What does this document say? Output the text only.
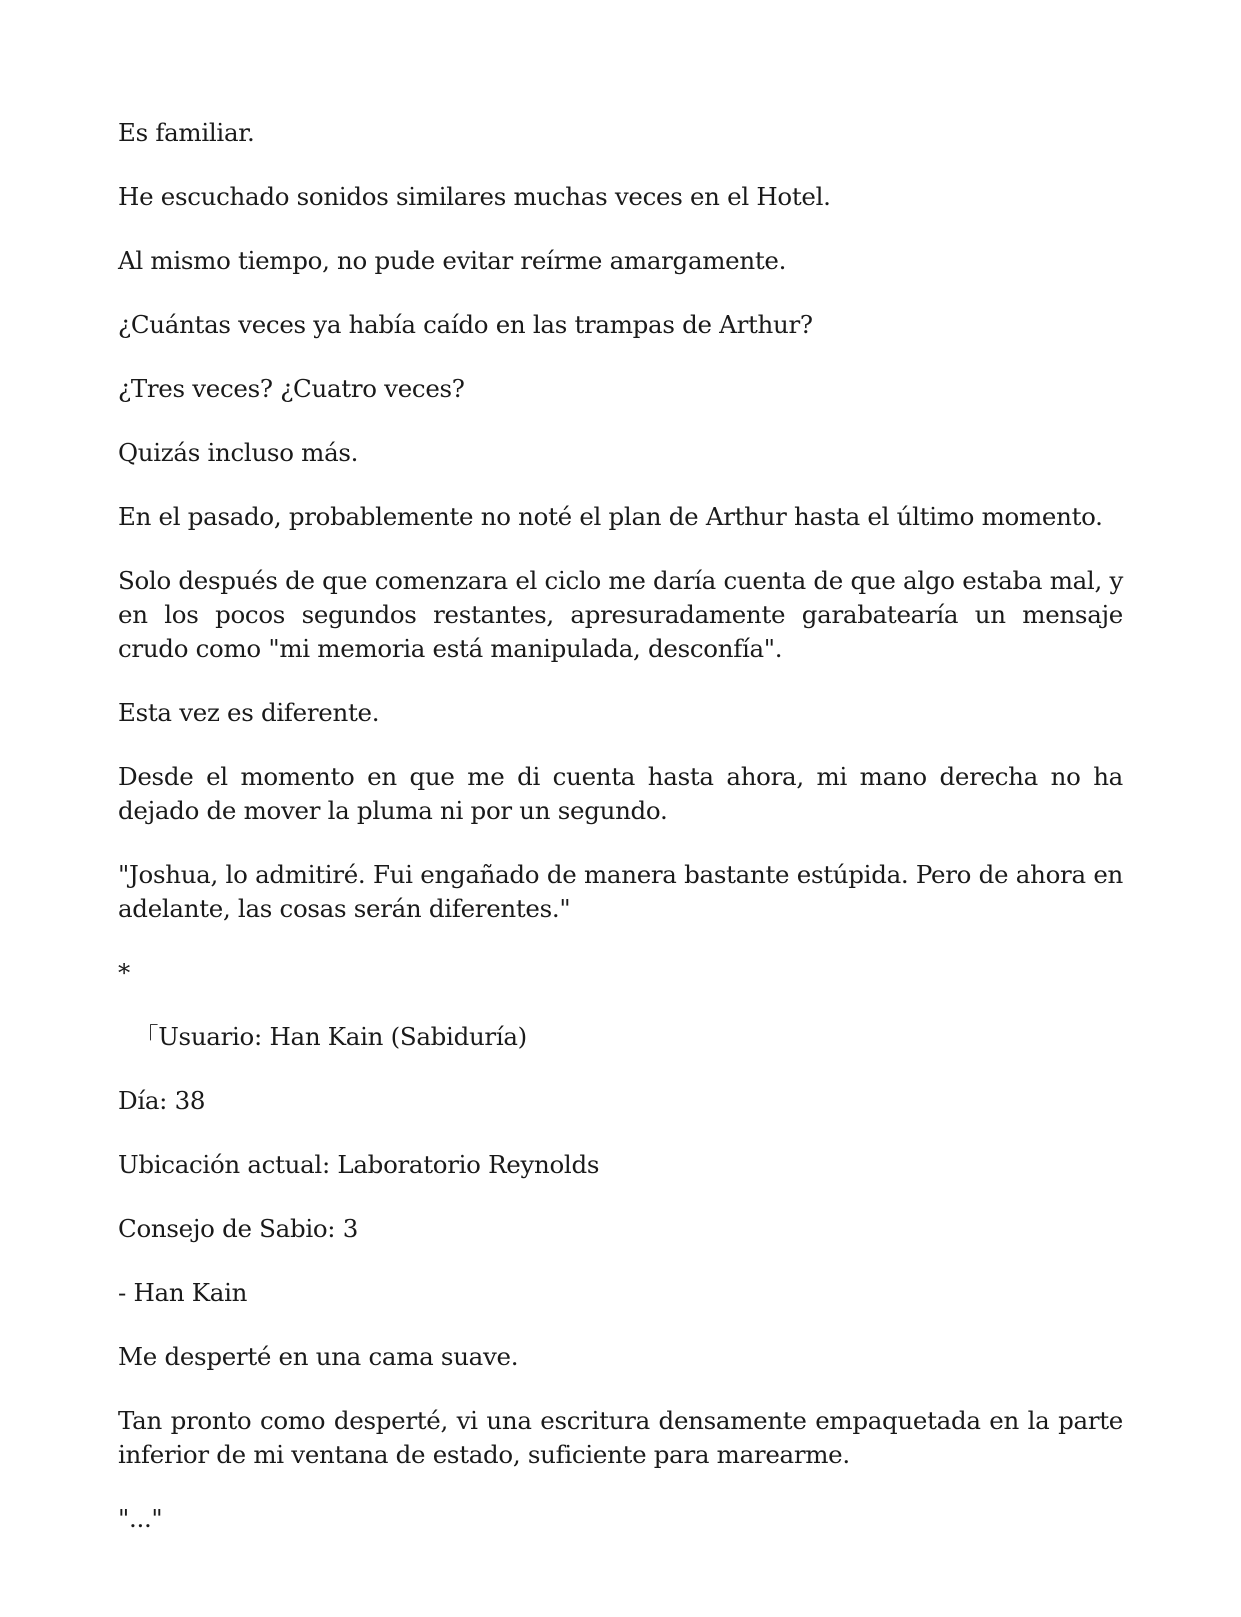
Es familiar.

He escuchado sonidos similares muchas veces en el Hotel.

Al mismo tiempo, no pude evitar reírme amargamente.

¿Cuántas veces ya había caído en las trampas de Arthur?

¿Tres veces? ¿Cuatro veces?

Quizás incluso más.

En el pasado, probablemente no noté el plan de Arthur hasta el último momento.

Solo después de que comenzara el ciclo me daría cuenta de que algo estaba mal, y en los pocos segundos restantes, apresuradamente garabatearía un mensaje crudo como "mi memoria está manipulada, desconfía".

Esta vez es diferente.

Desde el momento en que me di cuenta hasta ahora, mi mano derecha no ha dejado de mover la pluma ni por un segundo.

"Joshua, lo admitiré. Fui engañado de manera bastante estúpida. Pero de ahora en adelante, las cosas serán diferentes."

*

「Usuario: Han Kain (Sabiduría)

Día: 38

Ubicación actual: Laboratorio Reynolds

Consejo de Sabio: 3

- Han Kain

Me desperté en una cama suave.

Tan pronto como desperté, vi una escritura densamente empaquetada en la parte inferior de mi ventana de estado, suficiente para marearme.

"..."
